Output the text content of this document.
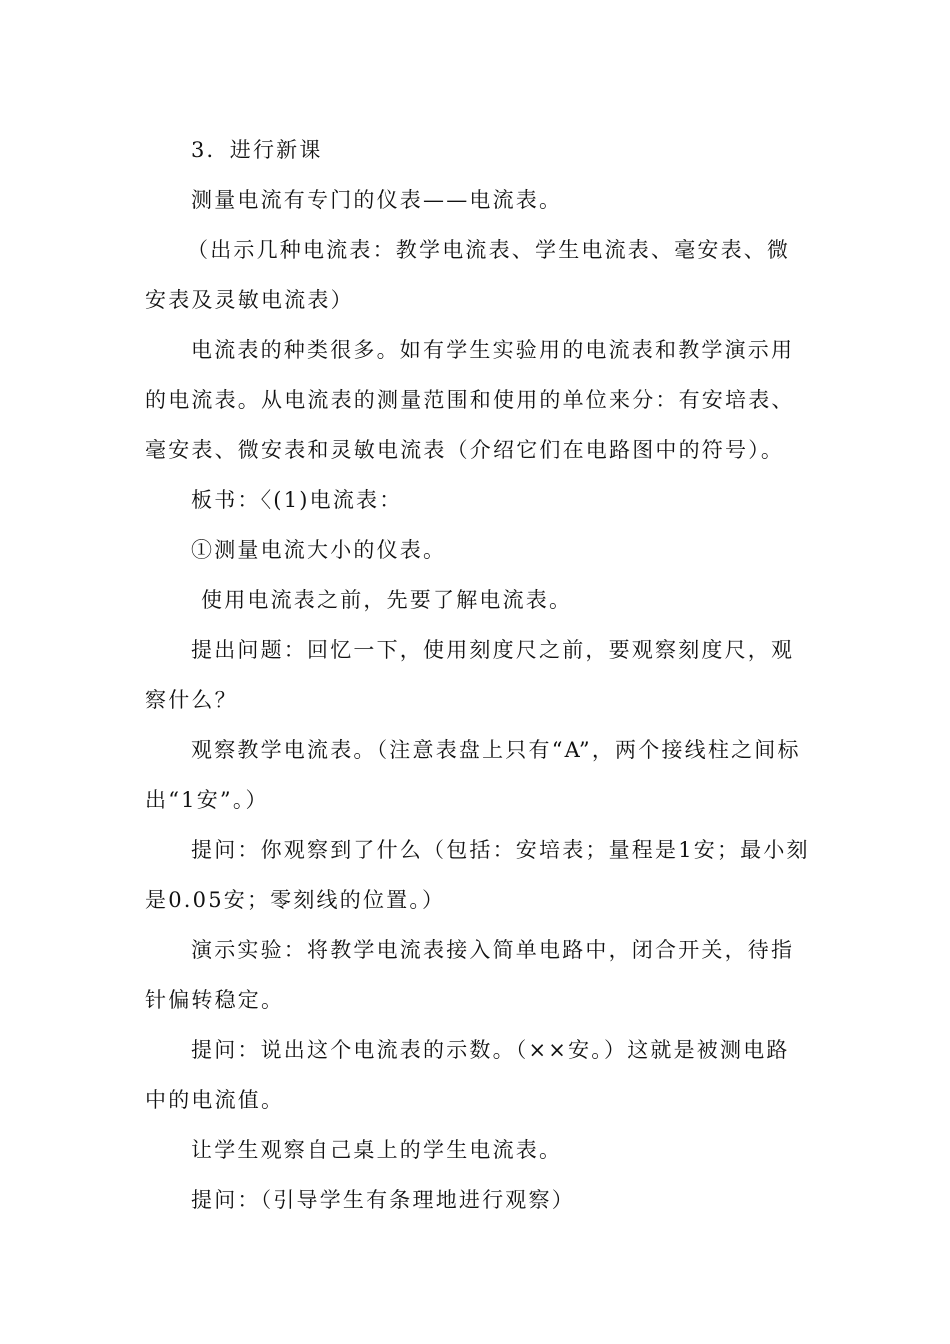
3．进行新课

测量电流有专门的仪表——电流表。

（出示几种电流表：教学电流表、学生电流表、毫安表、微安表及灵敏电流表）

电流表的种类很多。如有学生实验用的电流表和教学演示用的电流表。从电流表的测量范围和使用的单位来分：有安培表、毫安表、微安表和灵敏电流表（介绍它们在电路图中的符号）。

板书：〈(1)电流表：

①测量电流大小的仪表。

使用电流表之前，先要了解电流表。

提出问题：回忆一下，使用刻度尺之前，要观察刻度尺，观察什么？

观察教学电流表。（注意表盘上只有“A”，两个接线柱之间标出“1安”。）

提问：你观察到了什么（包括：安培表；量程是1安；最小刻是0.05安；零刻线的位置。）

演示实验：将教学电流表接入简单电路中，闭合开关，待指针偏转稳定。

提问：说出这个电流表的示数。（××安。）这就是被测电路中的电流值。

让学生观察自己桌上的学生电流表。

提问：（引导学生有条理地进行观察）
